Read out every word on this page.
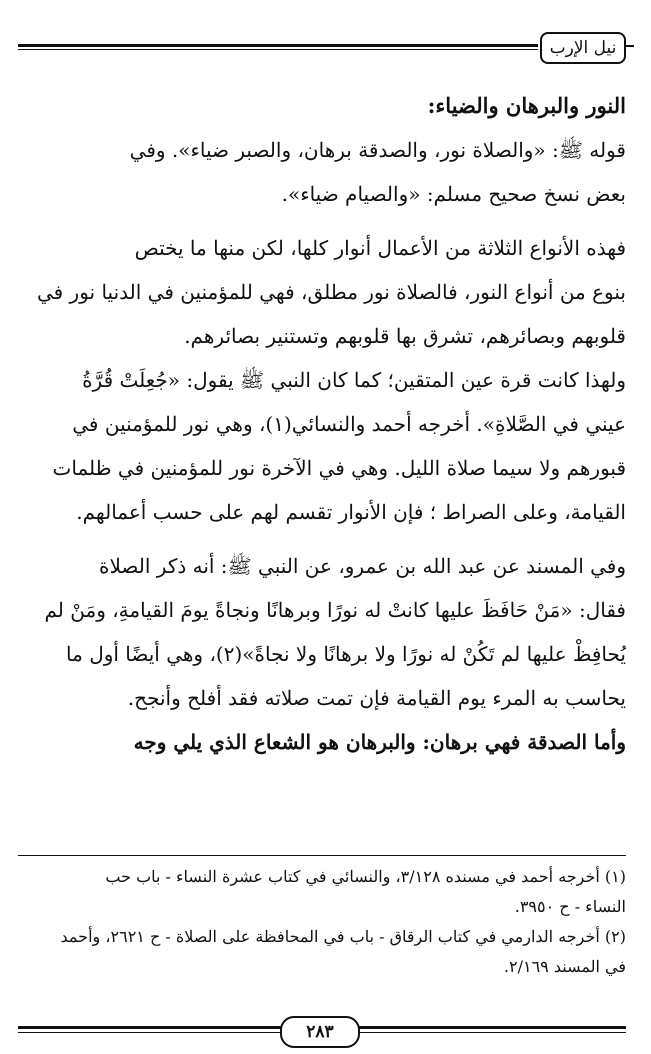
نيل الإرب
النور والبرهان والضياء:
قوله ﷺ: «والصلاة نور، والصدقة برهان، والصبر ضياء». وفي
بعض نسخ صحيح مسلم: «والصيام ضياء».
فهذه الأنواع الثلاثة من الأعمال أنوار كلها، لكن منها ما يختص
بنوع من أنواع النور، فالصلاة نور مطلق، فهي للمؤمنين في الدنيا نور في
قلوبهم وبصائرهم، تشرق بها قلوبهم وتستنير بصائرهم.
ولهذا كانت قرة عين المتقين؛ كما كان النبي ﷺ يقول: «جُعِلَتْ قُرَّةُ
عيني في الصَّلاةِ». أخرجه أحمد والنسائي(١)، وهي نور للمؤمنين في
قبورهم ولا سيما صلاة الليل. وهي في الآخرة نور للمؤمنين في ظلمات
القيامة، وعلى الصراط ؛ فإن الأنوار تقسم لهم على حسب أعمالهم.
وفي المسند عن عبد الله بن عمرو، عن النبي ﷺ: أنه ذكر الصلاة
فقال: «مَنْ حَافَظَ عليها كانتْ له نورًا وبرهانًا ونجاةً يومَ القيامةِ، ومَنْ لم
يُحافِظْ عليها لم تَكُنْ له نورًا ولا برهانًا ولا نجاةً»(٢)، وهي أيضًا أول ما
يحاسب به المرء يوم القيامة فإن تمت صلاته فقد أفلح وأنجح.
وأما الصدقة فهي برهان: والبرهان هو الشعاع الذي يلي وجه
(١) أخرجه أحمد في مسنده ٣/١٢٨، والنسائي في كتاب عشرة النساء - باب حب
النساء - ح ٣٩٥٠.
(٢) أخرجه الدارمي في كتاب الرقاق - باب في المحافظة على الصلاة - ح ٢٦٢١، وأحمد
في المسند ٢/١٦٩.
٢٨٣
